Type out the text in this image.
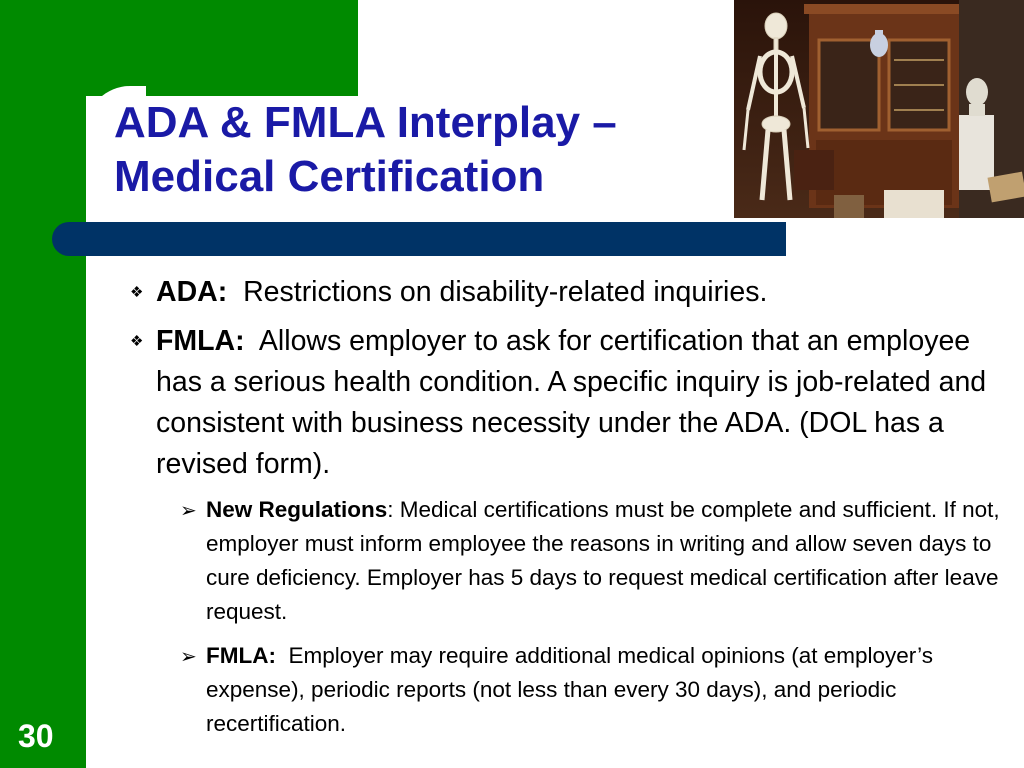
ADA & FMLA Interplay –
Medical Certification
❖ ADA: Restrictions on disability-related inquiries.
❖ FMLA: Allows employer to ask for certification that an employee has a serious health condition. A specific inquiry is job-related and consistent with business necessity under the ADA. (DOL has a revised form).
➢ New Regulations: Medical certifications must be complete and sufficient. If not, employer must inform employee the reasons in writing and allow seven days to cure deficiency. Employer has 5 days to request medical certification after leave request.
➢ FMLA: Employer may require additional medical opinions (at employer’s expense), periodic reports (not less than every 30 days), and periodic recertification.
30
